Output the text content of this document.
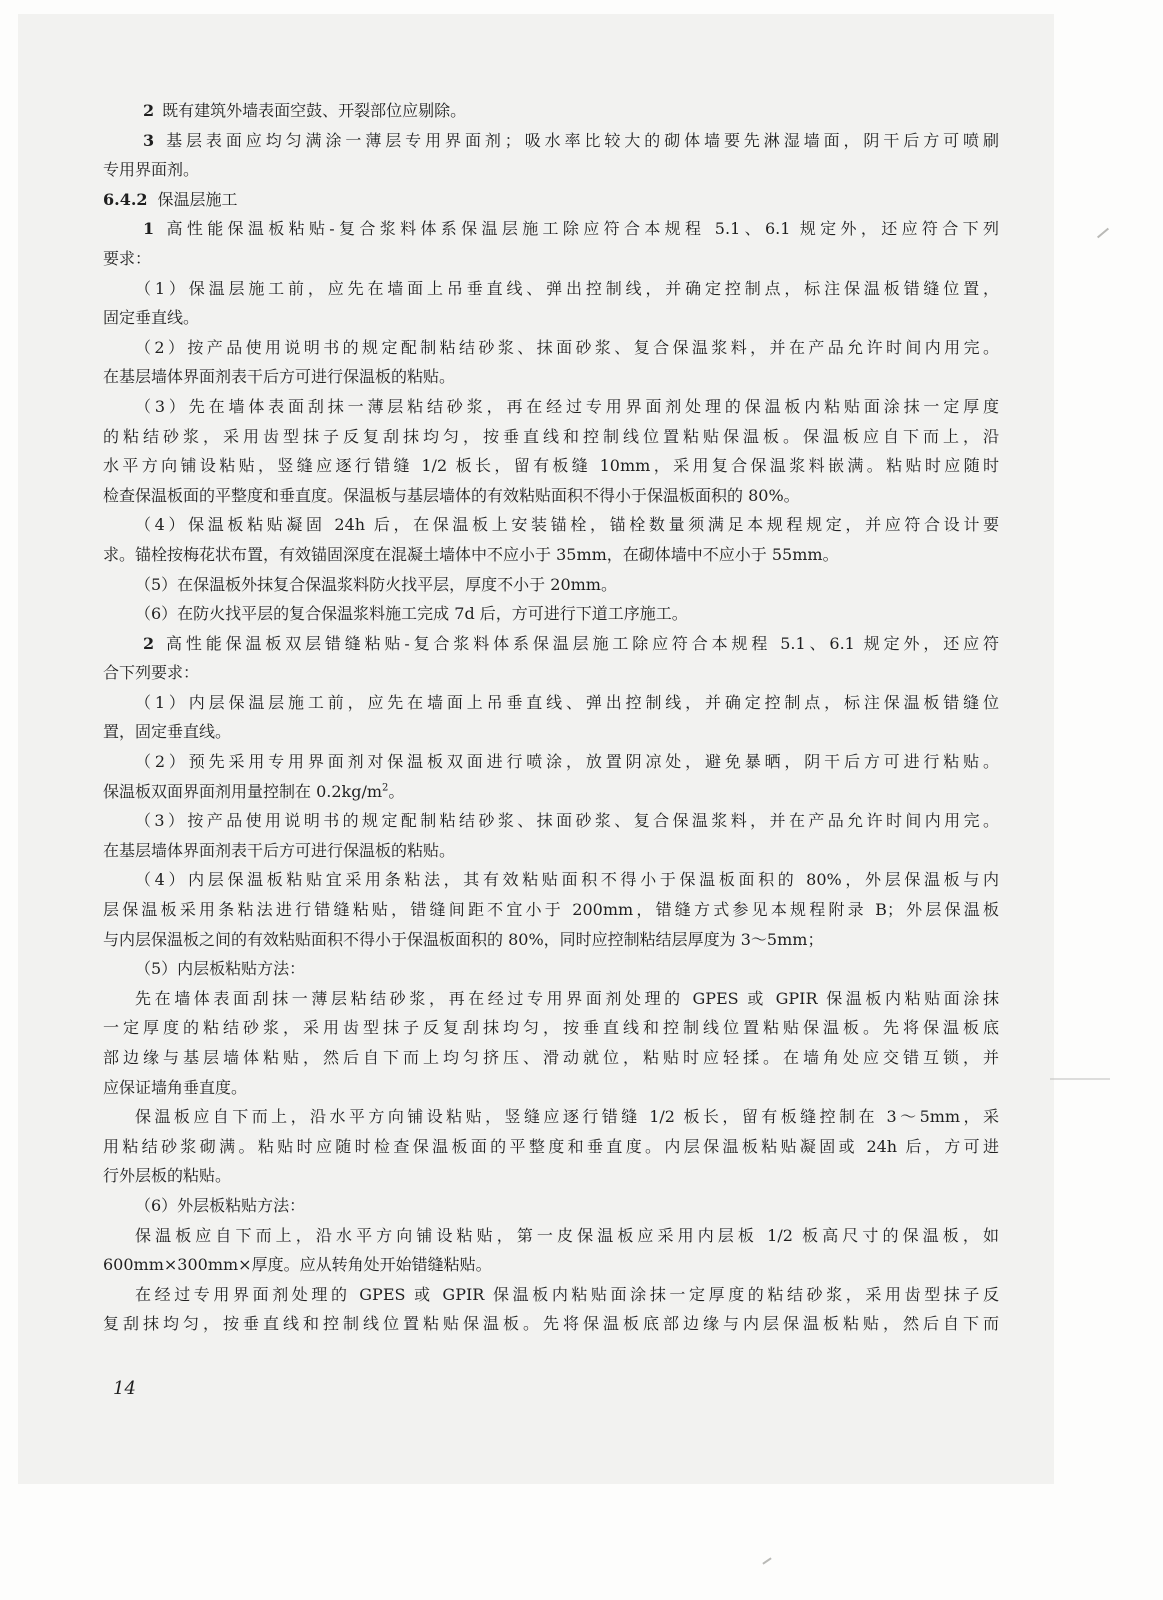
2  既有建筑外墙表面空鼓、开裂部位应剔除。
3  基层表面应均匀满涂一薄层专用界面剂；吸水率比较大的砌体墙要先淋湿墙面，阴干后方可喷刷
专用界面剂。
6.4.2 保温层施工
1  高性能保温板粘贴-复合浆料体系保温层施工除应符合本规程 5.1、6.1 规定外，还应符合下列
要求：
（1）保温层施工前，应先在墙面上吊垂直线、弹出控制线，并确定控制点，标注保温板错缝位置，
固定垂直线。
（2）按产品使用说明书的规定配制粘结砂浆、抹面砂浆、复合保温浆料，并在产品允许时间内用完。
在基层墙体界面剂表干后方可进行保温板的粘贴。
（3）先在墙体表面刮抹一薄层粘结砂浆，再在经过专用界面剂处理的保温板内粘贴面涂抹一定厚度
的粘结砂浆，采用齿型抹子反复刮抹均匀，按垂直线和控制线位置粘贴保温板。保温板应自下而上，沿
水平方向铺设粘贴，竖缝应逐行错缝 1/2 板长，留有板缝 10mm，采用复合保温浆料嵌满。粘贴时应随时
检查保温板面的平整度和垂直度。保温板与基层墙体的有效粘贴面积不得小于保温板面积的 80%。
（4）保温板粘贴凝固 24h 后，在保温板上安装锚栓，锚栓数量须满足本规程规定，并应符合设计要
求。锚栓按梅花状布置，有效锚固深度在混凝土墙体中不应小于 35mm，在砌体墙中不应小于 55mm。
（5）在保温板外抹复合保温浆料防火找平层，厚度不小于 20mm。
（6）在防火找平层的复合保温浆料施工完成 7d 后，方可进行下道工序施工。
2  高性能保温板双层错缝粘贴-复合浆料体系保温层施工除应符合本规程 5.1、6.1 规定外，还应符
合下列要求：
（1）内层保温层施工前，应先在墙面上吊垂直线、弹出控制线，并确定控制点，标注保温板错缝位
置，固定垂直线。
（2）预先采用专用界面剂对保温板双面进行喷涂，放置阴凉处，避免暴晒，阴干后方可进行粘贴。
保温板双面界面剂用量控制在 $0.2kg/m^2$。
（3）按产品使用说明书的规定配制粘结砂浆、抹面砂浆、复合保温浆料，并在产品允许时间内用完。
在基层墙体界面剂表干后方可进行保温板的粘贴。
（4）内层保温板粘贴宜采用条粘法，其有效粘贴面积不得小于保温板面积的 80%，外层保温板与内
层保温板采用条粘法进行错缝粘贴，错缝间距不宜小于 200mm，错缝方式参见本规程附录 B；外层保温板
与内层保温板之间的有效粘贴面积不得小于保温板面积的 80%，同时应控制粘结层厚度为 3～5mm；
（5）内层板粘贴方法：
先在墙体表面刮抹一薄层粘结砂浆，再在经过专用界面剂处理的 GPES 或 GPIR 保温板内粘贴面涂抹
一定厚度的粘结砂浆，采用齿型抹子反复刮抹均匀，按垂直线和控制线位置粘贴保温板。先将保温板底
部边缘与基层墙体粘贴，然后自下而上均匀挤压、滑动就位，粘贴时应轻揉。在墙角处应交错互锁，并
应保证墙角垂直度。
保温板应自下而上，沿水平方向铺设粘贴，竖缝应逐行错缝 1/2 板长，留有板缝控制在 3～5mm，采
用粘结砂浆砌满。粘贴时应随时检查保温板面的平整度和垂直度。内层保温板粘贴凝固或 24h 后，方可进
行外层板的粘贴。
（6）外层板粘贴方法：
保温板应自下而上，沿水平方向铺设粘贴，第一皮保温板应采用内层板 1/2 板高尺寸的保温板，如
600mm×300mm×厚度。应从转角处开始错缝粘贴。
在经过专用界面剂处理的 GPES 或 GPIR 保温板内粘贴面涂抹一定厚度的粘结砂浆，采用齿型抹子反
复刮抹均匀，按垂直线和控制线位置粘贴保温板。先将保温板底部边缘与内层保温板粘贴，然后自下而
14
